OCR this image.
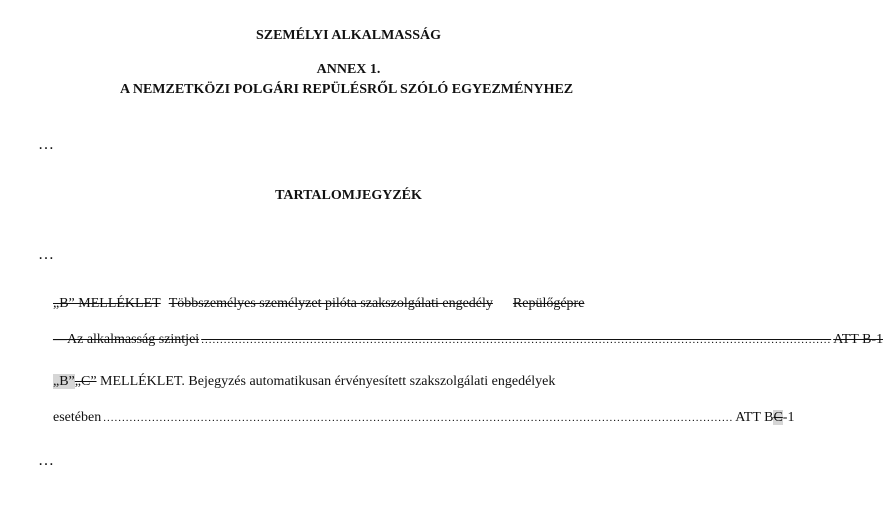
SZEMÉLYI ALKALMASSÁG
ANNEX 1.
A NEMZETKÖZI POLGÁRI REPÜLÉSRŐL SZÓLÓ EGYEZMÉNYHEZ
…
TARTALOMJEGYZÉK
…
„B” MELLÉKLET Többszemélyes személyzet pilóta szakszolgálati engedély Repülőgépre
—Az alkalmasság szintjei ........................................................................................................................................................................ ATT B-1
„B”„C” MELLÉKLET. Bejegyzés automatikusan érvényesített szakszolgálati engedélyek
esetében ........................................................................................................................................................................ ATT BC-1
…
